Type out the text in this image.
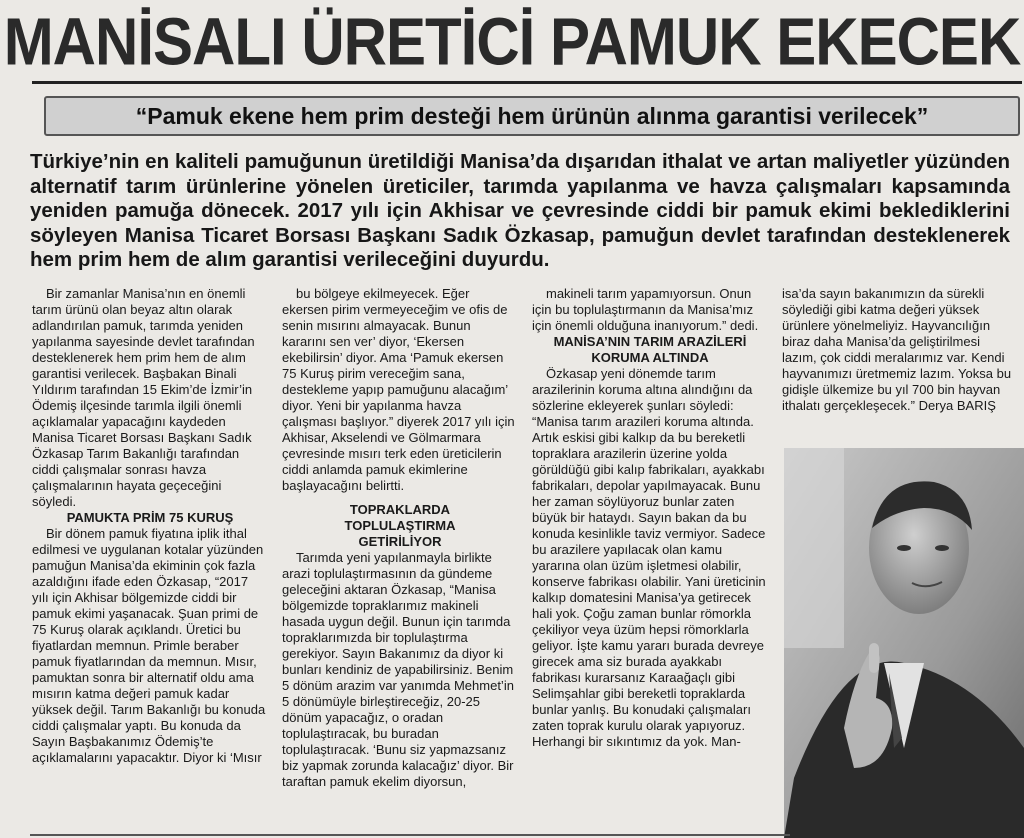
MANİSALI ÜRETİCİ PAMUK EKECEK
“Pamuk ekene hem prim desteği hem ürünün alınma garantisi verilecek”
Türkiye’nin en kaliteli pamuğunun üretildiği Manisa’da dışarıdan ithalat ve artan maliyetler yüzünden alternatif tarım ürünlerine yönelen üreticiler, tarımda yapılanma ve havza çalışmaları kapsamında yeniden pamuğa dönecek. 2017 yılı için Akhisar ve çevresinde ciddi bir pamuk ekimi beklediklerini söyleyen Manisa Ticaret Borsası Başkanı Sadık Özkasap, pamuğun devlet tarafından desteklenerek hem prim hem de alım garantisi verileceğini duyurdu.

Bir zamanlar Manisa’nın en önemli tarım ürünü olan beyaz altın olarak adlandırılan pamuk, tarımda yeniden yapılanma sayesinde devlet tarafından desteklenerek hem prim hem de alım garantisi verilecek. Başbakan Binali Yıldırım tarafından 15 Ekim’de İzmir’in Ödemiş ilçesinde tarımla ilgili önemli açıklamalar yapacağını kaydeden Manisa Ticaret Borsası Başkanı Sadık Özkasap Tarım Bakanlığı tarafından ciddi çalışmalar sonrası havza çalışmalarının hayata geçeceğini söyledi.

PAMUKTA PRİM 75 KURUŞ

Bir dönem pamuk fiyatına iplik ithal edilmesi ve uygulanan kotalar yüzünden pamuğun Manisa’da ekiminin çok fazla azaldığını ifade eden Özkasap, “2017 yılı için Akhisar bölgemizde ciddi bir pamuk ekimi yaşanacak. Şuan primi de 75 Kuruş olarak açıklandı. Üretici bu fiyatlardan memnun. Primle beraber pamuk fiyatlarından da memnun. Mısır, pamuktan sonra bir alternatif oldu ama mısırın katma değeri pamuk kadar yüksek değil. Tarım Bakanlığı bu konuda ciddi çalışmalar yaptı. Bu konuda da Sayın Başbakanımız Ödemiş’te açıklamalarını yapacaktır. Diyor ki ‘Mısır

bu bölgeye ekilmeyecek. Eğer ekersen pirim vermeyeceğim ve ofis de senin mısırını almayacak. Bunun kararını sen ver’ diyor, ‘Ekersen ekebilirsin’ diyor. Ama ‘Pamuk ekersen 75 Kuruş pirim vereceğim sana, destekleme yapıp pamuğunu alacağım’ diyor. Yeni bir yapılanma havza çalışması başlıyor.” diyerek 2017 yılı için Akhisar, Akselendi ve Gölmarmara çevresinde mısırı terk eden üreticilerin ciddi anlamda pamuk ekimlerine başlayacağını belirtti.

TOPRAKLARDA TOPLULAŞTIRMA GETİRİLİYOR

Tarımda yeni yapılanmayla birlikte arazi toplulaştırmasının da gündeme geleceğini aktaran Özkasap, “Manisa bölgemizde topraklarımız makineli hasada uygun değil. Bunun için tarımda topraklarımızda bir toplulaştırma gerekiyor. Sayın Bakanımız da diyor ki bunları kendiniz de yapabilirsiniz. Benim 5 dönüm arazim var yanımda Mehmet’in 5 dönümüyle birleştireceğiz, 20-25 dönüm yapacağız, o oradan toplulaştıracak, bu buradan toplulaştıracak. ‘Bunu siz yapmazsanız biz yapmak zorunda kalacağız’ diyor. Bir taraftan pamuk ekelim diyorsun,

makineli tarım yapamıyorsun. Onun için bu toplulaştırmanın da Manisa’mız için önemli olduğuna inanıyorum.” dedi.

MANİSA’NIN TARIM ARAZİLERİ KORUMA ALTINDA

Özkasap yeni dönemde tarım arazilerinin koruma altına alındığını da sözlerine ekleyerek şunları söyledi: “Manisa tarım arazileri koruma altında. Artık eskisi gibi kalkıp da bu bereketli topraklara arazilerin üzerine yolda görüldüğü gibi kalıp fabrikaları, ayakkabı fabrikaları, depolar yapılmayacak. Bunu her zaman söylüyoruz bunlar zaten büyük bir hataydı. Sayın bakan da bu konuda kesinlikle taviz vermiyor. Sadece bu arazilere yapılacak olan kamu yararına olan üzüm işletmesi olabilir, konserve fabrikası olabilir. Yani üreticinin kalkıp domatesini Manisa’ya getirecek hali yok. Çoğu zaman bunlar römorkla çekiliyor veya üzüm hepsi römorklarla geliyor. İşte kamu yararı burada devreye girecek ama siz burada ayakkabı fabrikası kurarsanız Karaağaçlı gibi Selimşahlar gibi bereketli topraklarda bunlar yanlış. Bu konudaki çalışmaları zaten toprak kurulu olarak yapıyoruz. Herhangi bir sıkıntımız da yok. Man-

isa’da sayın bakanımızın da sürekli söylediği gibi katma değeri yüksek ürünlere yönelmeliyiz. Hayvancılığın biraz daha Manisa’da geliştirilmesi lazım, çok ciddi meralarımız var. Kendi hayvanımızı üretmemiz lazım. Yoksa bu gidişle ülkemize bu yıl 700 bin hayvan ithalatı gerçekleşecek.” Derya BARIŞ
